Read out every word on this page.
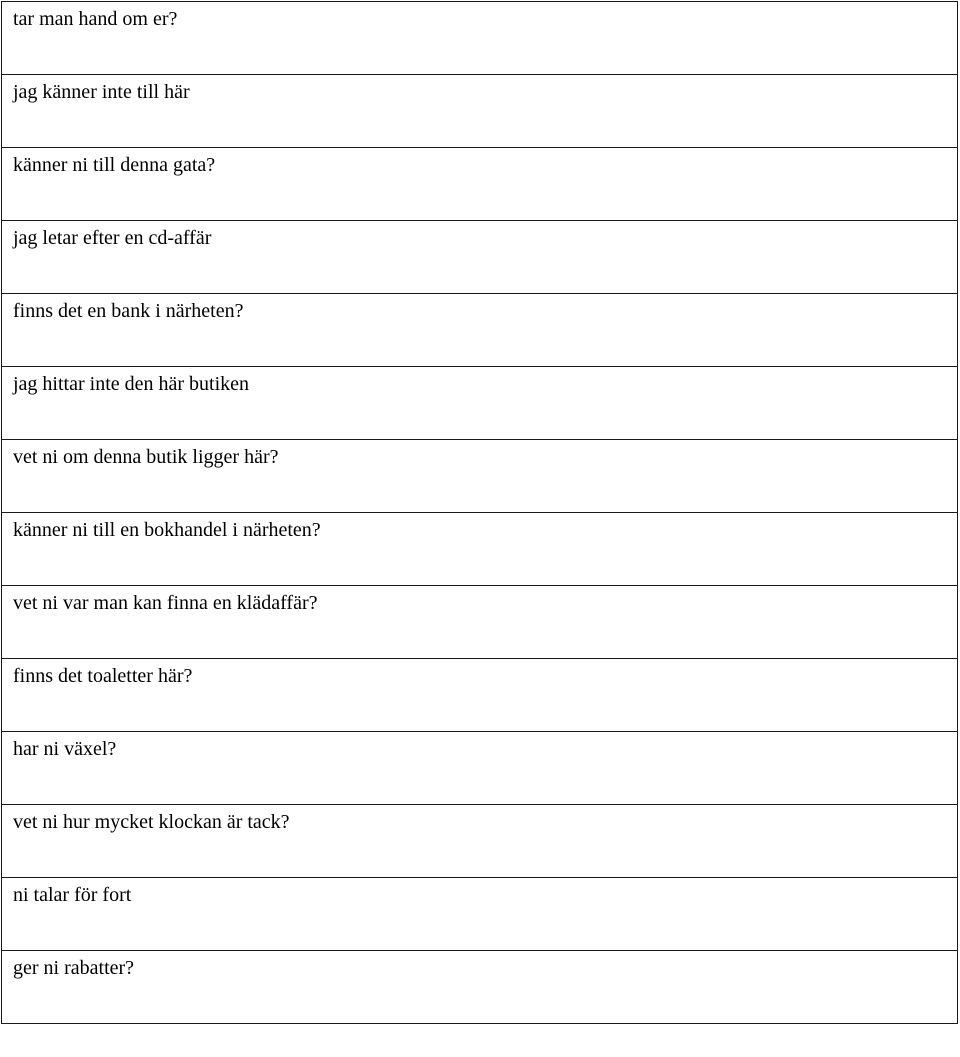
tar man hand om er?

jag känner inte till här

känner ni till denna gata?

jag letar efter en cd-affär

finns det en bank i närheten?

jag hittar inte den här butiken

vet ni om denna butik ligger här?

känner ni till en bokhandel i närheten?

vet ni var man kan finna en klädaffär?

finns det toaletter här?

har ni växel?

vet ni hur mycket klockan är tack?

ni talar för fort

ger ni rabatter?
